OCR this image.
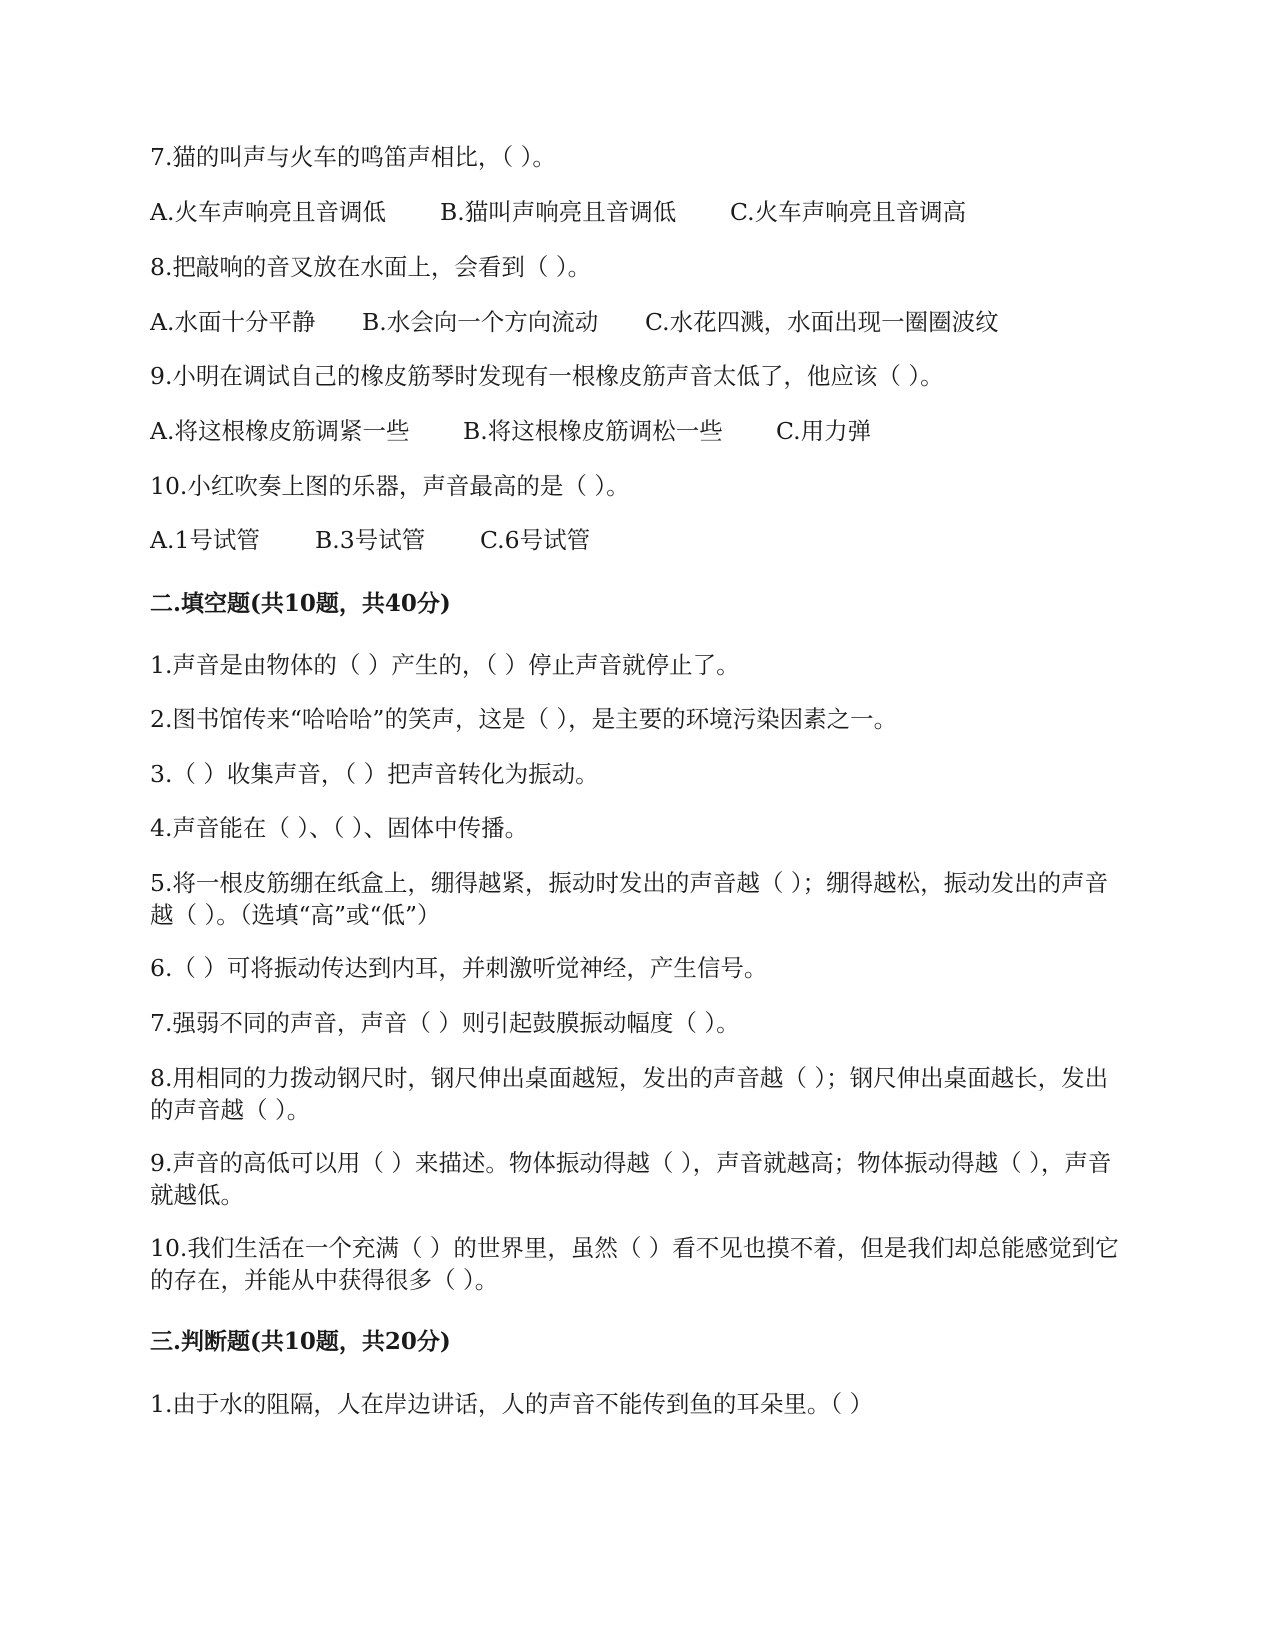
7.猫的叫声与火车的鸣笛声相比，（ ）。
A.火车声响亮且音调低 B.猫叫声响亮且音调低 C.火车声响亮且音调高
8.把敲响的音叉放在水面上，会看到（ ）。
A.水面十分平静 B.水会向一个方向流动 C.水花四溅，水面出现一圈圈波纹
9.小明在调试自己的橡皮筋琴时发现有一根橡皮筋声音太低了，他应该（ ）。
A.将这根橡皮筋调紧一些 B.将这根橡皮筋调松一些 C.用力弹
10.小红吹奏上图的乐器，声音最高的是（ ）。
A.1号试管 B.3号试管 C.6号试管
二.填空题(共10题，共40分)
1.声音是由物体的（ ）产生的，（ ）停止声音就停止了。
2.图书馆传来“哈哈哈”的笑声，这是（ ），是主要的环境污染因素之一。
3.（ ）收集声音，（ ）把声音转化为振动。
4.声音能在（ ）、（ ）、固体中传播。
5.将一根皮筋绷在纸盒上，绷得越紧，振动时发出的声音越（ ）；绷得越松，振动发出的声音越（ ）。（选填“高”或“低”）
6.（ ）可将振动传达到内耳，并刺激听觉神经，产生信号。
7.强弱不同的声音，声音（ ）则引起鼓膜振动幅度（ ）。
8.用相同的力拨动钢尺时，钢尺伸出桌面越短，发出的声音越（ ）；钢尺伸出桌面越长，发出的声音越（ ）。
9.声音的高低可以用（ ）来描述。物体振动得越（ ），声音就越高；物体振动得越（ ），声音就越低。
10.我们生活在一个充满（ ）的世界里，虽然（ ）看不见也摸不着，但是我们却总能感觉到它的存在，并能从中获得很多（ ）。
三.判断题(共10题，共20分)
1.由于水的阻隔，人在岸边讲话，人的声音不能传到鱼的耳朵里。（ ）
